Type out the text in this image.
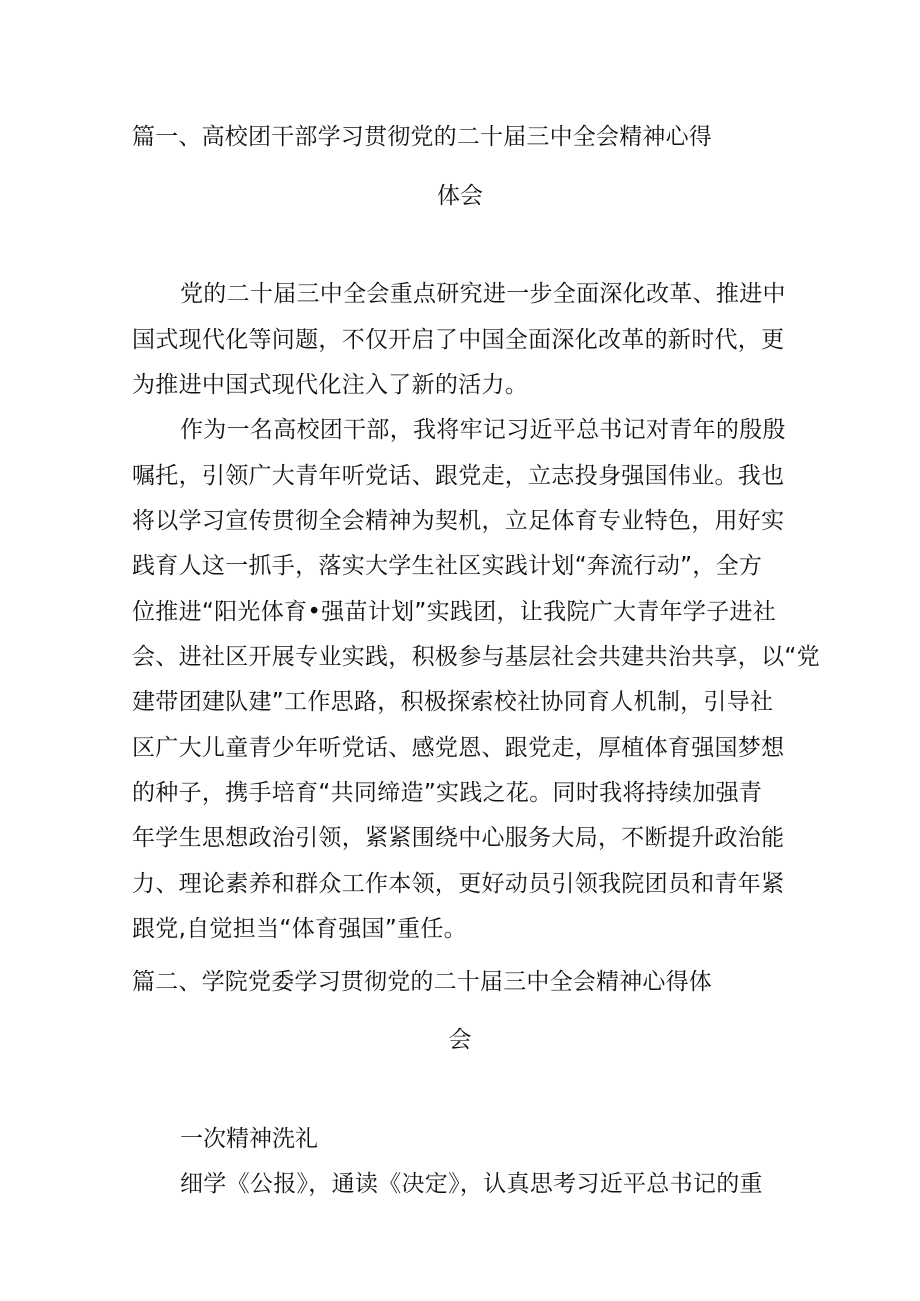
篇一、高校团干部学习贯彻党的二十届三中全会精神心得
体会
党的二十届三中全会重点研究进一步全面深化改革、推进中
国式现代化等问题，不仅开启了中国全面深化改革的新时代，更
为推进中国式现代化注入了新的活力。
作为一名高校团干部，我将牢记习近平总书记对青年的殷殷
嘱托，引领广大青年听党话、跟党走，立志投身强国伟业。我也
将以学习宣传贯彻全会精神为契机，立足体育专业特色，用好实
践育人这一抓手，落实大学生社区实践计划“奔流行动”，全方
位推进“阳光体育•强苗计划”实践团，让我院广大青年学子进社
会、进社区开展专业实践，积极参与基层社会共建共治共享，以“党
建带团建队建”工作思路，积极探索校社协同育人机制，引导社
区广大儿童青少年听党话、感党恩、跟党走，厚植体育强国梦想
的种子，携手培育“共同缔造”实践之花。同时我将持续加强青
年学生思想政治引领，紧紧围绕中心服务大局，不断提升政治能
力、理论素养和群众工作本领，更好动员引领我院团员和青年紧
跟党,自觉担当“体育强国”重任。
篇二、学院党委学习贯彻党的二十届三中全会精神心得体
会
一次精神洗礼
细学《公报》，通读《决定》，认真思考习近平总书记的重
